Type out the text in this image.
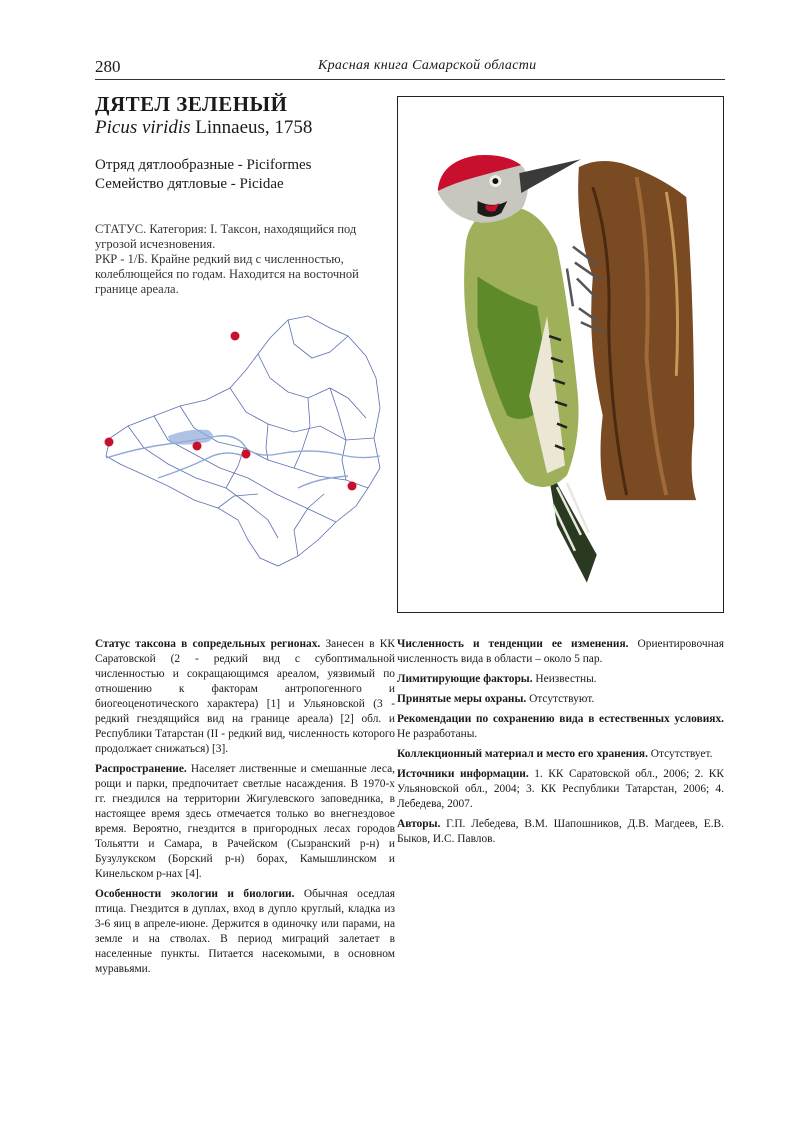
280	Красная книга Самарской области
ДЯТЕЛ ЗЕЛЕНЫЙ
Picus viridis Linnaeus, 1758
Отряд дятлообразные - Piciformes
Семейство дятловые - Picidae

СТАТУС. Категория: I. Таксон, находящийся под угрозой исчезновения.

РКР - 1/Б. Крайне редкий вид с численностью, колеблющейся по годам. Находится на восточной границе ареала.

Статус таксона в сопредельных регионах. Занесен в КК Саратовской (2 - редкий вид с субоптимальной численностью и сокращающимся ареалом, уязвимый по отношению к факторам антропогенного и биогеоценотического характера) [1] и Ульяновской (3 - редкий гнездящийся вид на границе ареала) [2] обл. и Республики Татарстан (II - редкий вид, численность которого продолжает снижаться) [3].

Распространение. Населяет лиственные и смешанные леса, рощи и парки, предпочитает светлые насаждения. В 1970-х гг. гнездился на территории Жигулевского заповедника, в настоящее время здесь отмечается только во внегнездовое время. Вероятно, гнездится в пригородных лесах городов Тольятти и Самара, в Рачейском (Сызранский р-н) и Бузулукском (Борский р-н) борах, Камышлинском и Кинельском р-нах [4].

Особенности экологии и биологии. Обычная оседлая птица. Гнездится в дуплах, вход в дупло круглый, кладка из 3-6 яиц в апреле-июне. Держится в одиночку или парами, на земле и на стволах. В период миграций залетает в населенные пункты. Питается насекомыми, в основном муравьями.

Численность и тенденции ее изменения. Ориентировочная численность вида в области – около 5 пар.

Лимитирующие факторы. Неизвестны.

Принятые меры охраны. Отсутствуют.

Рекомендации по сохранению вида в естественных условиях. Не разработаны.

Коллекционный материал и место его хранения. Отсутствует.

Источники информации. 1. КК Саратовской обл., 2006; 2. КК Ульяновской обл., 2004; 3. КК Республики Татарстан, 2006; 4. Лебедева, 2007.

Авторы. Г.П. Лебедева, В.М. Шапошников, Д.В. Магдеев, Е.В. Быков, И.С. Павлов.
